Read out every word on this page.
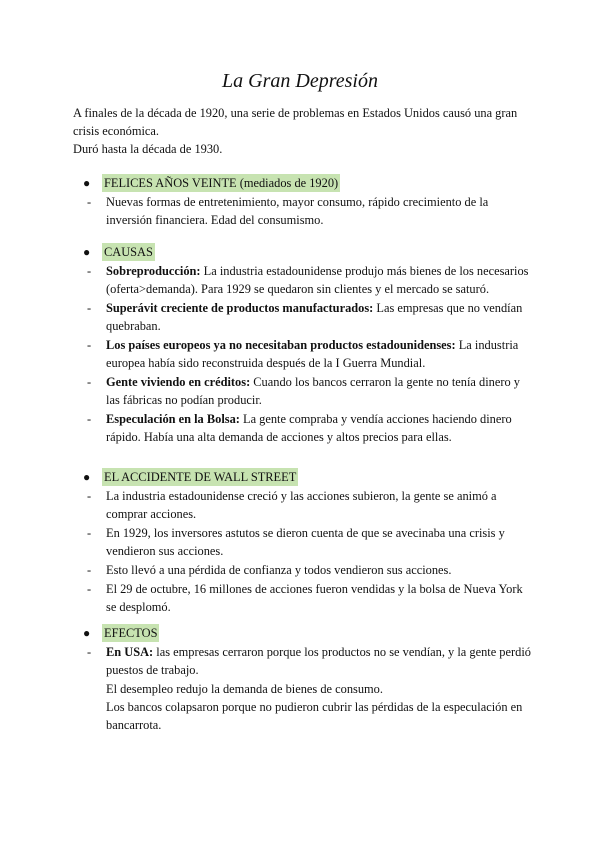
La Gran Depresión

A finales de la década de 1920, una serie de problemas en Estados Unidos causó una gran crisis económica.

Duró hasta la década de 1930.

●	FELICES AÑOS VEINTE (mediados de 1920)
- Nuevas formas de entretenimiento, mayor consumo, rápido crecimiento de la inversión financiera. Edad del consumismo.
●	CAUSAS
- Sobreproducción: La industria estadounidense produjo más bienes de los necesarios (oferta>demanda). Para 1929 se quedaron sin clientes y el mercado se saturó.
- Superávit creciente de productos manufacturados: Las empresas que no vendían quebraban.
- Los países europeos ya no necesitaban productos estadounidenses: La industria europea había sido reconstruida después de la I Guerra Mundial.
- Gente viviendo en créditos: Cuando los bancos cerraron la gente no tenía dinero y las fábricas no podían producir.
- Especulación en la Bolsa: La gente compraba y vendía acciones haciendo dinero rápido. Había una alta demanda de acciones y altos precios para ellas.
●	EL ACCIDENTE DE WALL STREET
- La industria estadounidense creció y las acciones subieron, la gente se animó a comprar acciones.
- En 1929, los inversores astutos se dieron cuenta de que se avecinaba una crisis y vendieron sus acciones.
- Esto llevó a una pérdida de confianza y todos vendieron sus acciones.
- El 29 de octubre, 16 millones de acciones fueron vendidas y la bolsa de Nueva York se desplomó.
●	EFECTOS
- En USA: las empresas cerraron porque los productos no se vendían, y la gente perdió puestos de trabajo.
El desempleo redujo la demanda de bienes de consumo.
Los bancos colapsaron porque no pudieron cubrir las pérdidas de la especulación en bancarrota.
